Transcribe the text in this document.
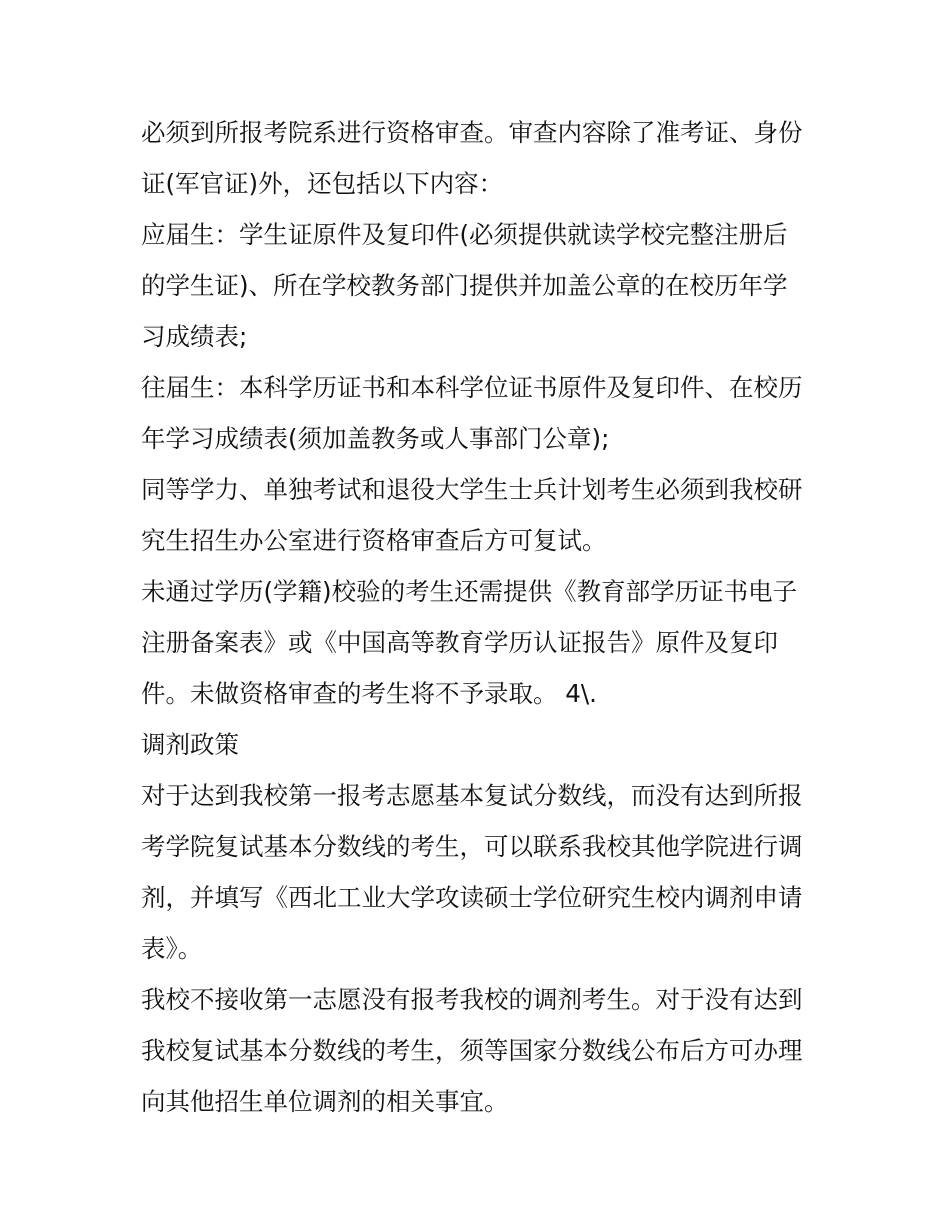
必须到所报考院系进行资格审查。审查内容除了准考证、身份
证(军官证)外，还包括以下内容：
应届生：学生证原件及复印件(必须提供就读学校完整注册后
的学生证)、所在学校教务部门提供并加盖公章的在校历年学
习成绩表;
往届生：本科学历证书和本科学位证书原件及复印件、在校历
年学习成绩表(须加盖教务或人事部门公章);
同等学力、单独考试和退役大学生士兵计划考生必须到我校研
究生招生办公室进行资格审查后方可复试。
未通过学历(学籍)校验的考生还需提供《教育部学历证书电子
注册备案表》或《中国高等教育学历认证报告》原件及复印
件。未做资格审查的考生将不予录取。 4\.
调剂政策
对于达到我校第一报考志愿基本复试分数线，而没有达到所报
考学院复试基本分数线的考生，可以联系我校其他学院进行调
剂，并填写《西北工业大学攻读硕士学位研究生校内调剂申请
表》。
我校不接收第一志愿没有报考我校的调剂考生。对于没有达到
我校复试基本分数线的考生，须等国家分数线公布后方可办理
向其他招生单位调剂的相关事宜。
